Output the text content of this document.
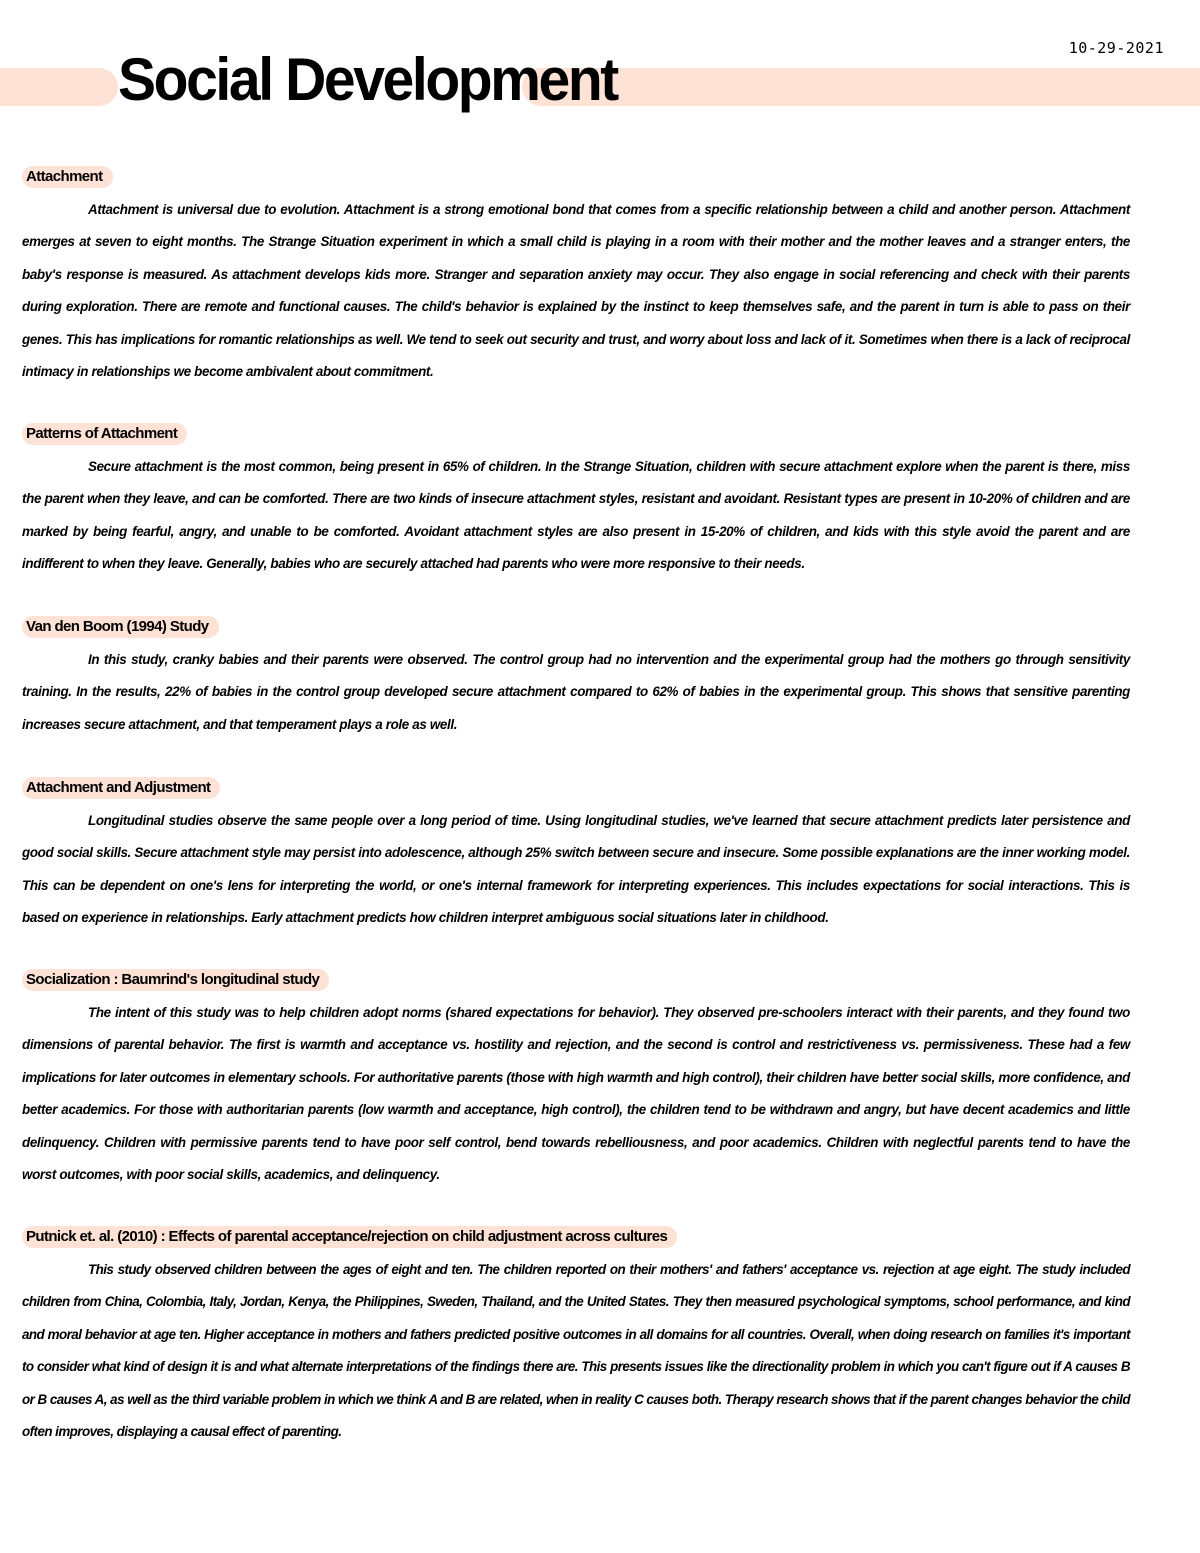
10-29-2021
Social Development
Attachment

Attachment is universal due to evolution. Attachment is a strong emotional bond that comes from a specific relationship between a child and another person. Attachment emerges at seven to eight months. The Strange Situation experiment in which a small child is playing in a room with their mother and the mother leaves and a stranger enters, the baby's response is measured. As attachment develops kids more. Stranger and separation anxiety may occur. They also engage in social referencing and check with their parents during exploration. There are remote and functional causes. The child's behavior is explained by the instinct to keep themselves safe, and the parent in turn is able to pass on their genes. This has implications for romantic relationships as well. We tend to seek out security and trust, and worry about loss and lack of it. Sometimes when there is a lack of reciprocal intimacy in relationships we become ambivalent about commitment.

Patterns of Attachment

Secure attachment is the most common, being present in 65% of children. In the Strange Situation, children with secure attachment explore when the parent is there, miss the parent when they leave, and can be comforted. There are two kinds of insecure attachment styles, resistant and avoidant. Resistant types are present in 10-20% of children and are marked by being fearful, angry, and unable to be comforted. Avoidant attachment styles are also present in 15-20% of children, and kids with this style avoid the parent and are indifferent to when they leave. Generally, babies who are securely attached had parents who were more responsive to their needs.

Van den Boom (1994) Study

In this study, cranky babies and their parents were observed. The control group had no intervention and the experimental group had the mothers go through sensitivity training. In the results, 22% of babies in the control group developed secure attachment compared to 62% of babies in the experimental group. This shows that sensitive parenting increases secure attachment, and that temperament plays a role as well.

Attachment and Adjustment

Longitudinal studies observe the same people over a long period of time. Using longitudinal studies, we've learned that secure attachment predicts later persistence and good social skills. Secure attachment style may persist into adolescence, although 25% switch between secure and insecure. Some possible explanations are the inner working model. This can be dependent on one's lens for interpreting the world, or one's internal framework for interpreting experiences. This includes expectations for social interactions. This is based on experience in relationships. Early attachment predicts how children interpret ambiguous social situations later in childhood.

Socialization : Baumrind's longitudinal study

The intent of this study was to help children adopt norms (shared expectations for behavior). They observed pre-schoolers interact with their parents, and they found two dimensions of parental behavior. The first is warmth and acceptance vs. hostility and rejection, and the second is control and restrictiveness vs. permissiveness. These had a few implications for later outcomes in elementary schools. For authoritative parents (those with high warmth and high control), their children have better social skills, more confidence, and better academics. For those with authoritarian parents (low warmth and acceptance, high control), the children tend to be withdrawn and angry, but have decent academics and little delinquency. Children with permissive parents tend to have poor self control, bend towards rebelliousness, and poor academics. Children with neglectful parents tend to have the worst outcomes, with poor social skills, academics, and delinquency.

Putnick et. al. (2010) : Effects of parental acceptance/rejection on child adjustment across cultures

This study observed children between the ages of eight and ten. The children reported on their mothers' and fathers' acceptance vs. rejection at age eight. The study included children from China, Colombia, Italy, Jordan, Kenya, the Philippines, Sweden, Thailand, and the United States. They then measured psychological symptoms, school performance, and kind and moral behavior at age ten. Higher acceptance in mothers and fathers predicted positive outcomes in all domains for all countries. Overall, when doing research on families it's important to consider what kind of design it is and what alternate interpretations of the findings there are. This presents issues like the directionality problem in which you can't figure out if A causes B or B causes A, as well as the third variable problem in which we think A and B are related, when in reality C causes both. Therapy research shows that if the parent changes behavior the child often improves, displaying a causal effect of parenting.
